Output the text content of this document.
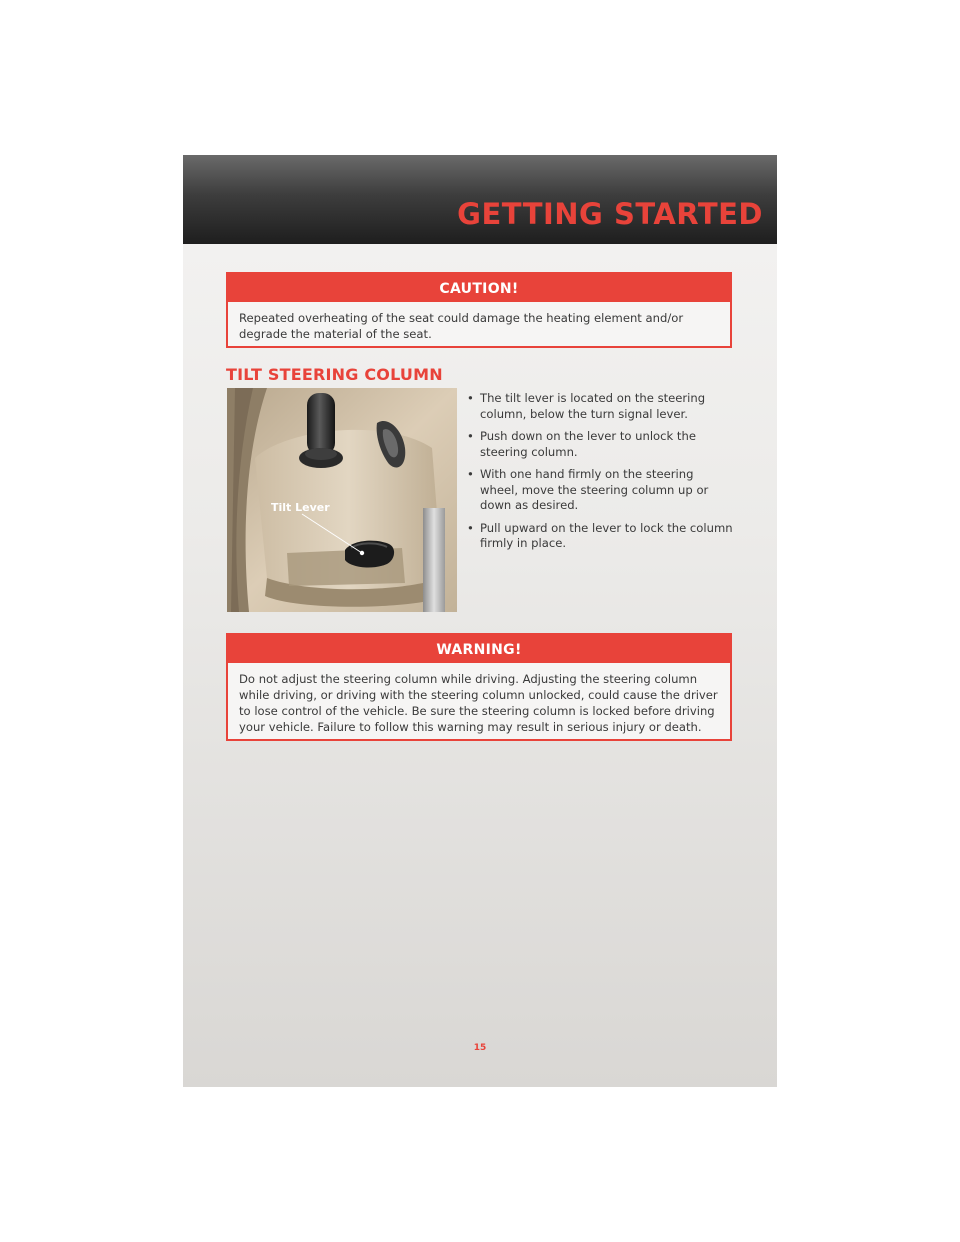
GETTING STARTED
CAUTION!
Repeated overheating of the seat could damage the heating element and/or degrade the material of the seat.
TILT STEERING COLUMN
Tilt Lever
• The tilt lever is located on the steering column, below the turn signal lever.
• Push down on the lever to unlock the steering column.
• With one hand firmly on the steering wheel, move the steering column up or down as desired.
• Pull upward on the lever to lock the column firmly in place.
WARNING!
Do not adjust the steering column while driving. Adjusting the steering column while driving, or driving with the steering column unlocked, could cause the driver to lose control of the vehicle. Be sure the steering column is locked before driving your vehicle. Failure to follow this warning may result in serious injury or death.
15
